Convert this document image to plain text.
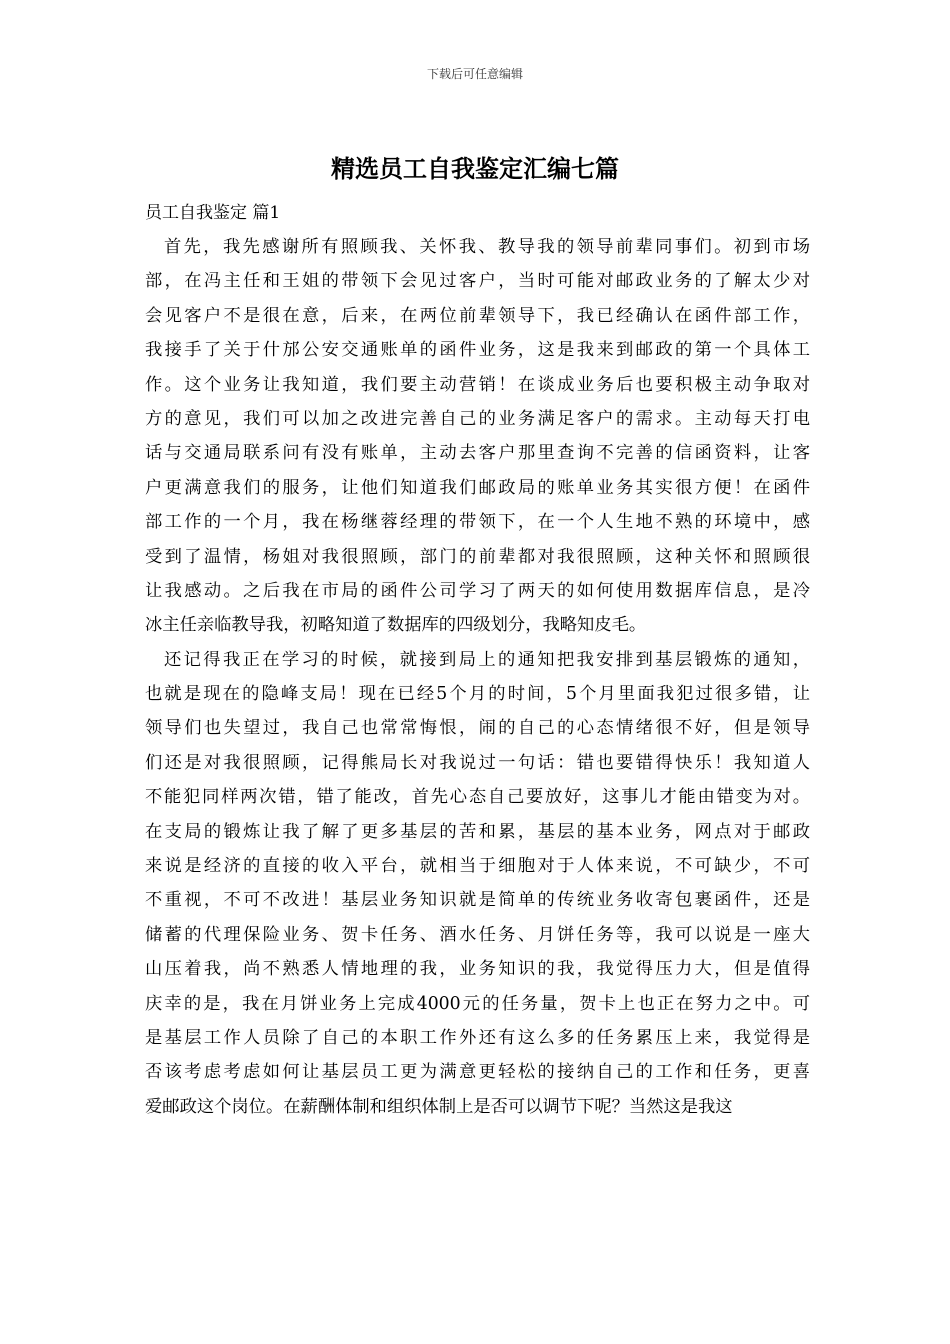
下载后可任意编辑
精选员工自我鉴定汇编七篇

员工自我鉴定 篇1

首先，我先感谢所有照顾我、关怀我、教导我的领导前辈同事们。初到市场
部，在冯主任和王姐的带领下会见过客户，当时可能对邮政业务的了解太少对
会见客户不是很在意，后来，在两位前辈领导下，我已经确认在函件部工作，
我接手了关于什邡公安交通账单的函件业务，这是我来到邮政的第一个具体工
作。这个业务让我知道，我们要主动营销！在谈成业务后也要积极主动争取对
方的意见，我们可以加之改进完善自己的业务满足客户的需求。主动每天打电
话与交通局联系问有没有账单，主动去客户那里查询不完善的信函资料，让客
户更满意我们的服务，让他们知道我们邮政局的账单业务其实很方便！在函件
部工作的一个月，我在杨继蓉经理的带领下，在一个人生地不熟的环境中，感
受到了温情，杨姐对我很照顾，部门的前辈都对我很照顾，这种关怀和照顾很
让我感动。之后我在市局的函件公司学习了两天的如何使用数据库信息，是冷
冰主任亲临教导我，初略知道了数据库的四级划分，我略知皮毛。
还记得我正在学习的时候，就接到局上的通知把我安排到基层锻炼的通知，
也就是现在的隐峰支局！现在已经5个月的时间，5个月里面我犯过很多错，让
领导们也失望过，我自己也常常悔恨，闹的自己的心态情绪很不好，但是领导
们还是对我很照顾，记得熊局长对我说过一句话：错也要错得快乐！我知道人
不能犯同样两次错，错了能改，首先心态自己要放好，这事儿才能由错变为对。
在支局的锻炼让我了解了更多基层的苦和累，基层的基本业务，网点对于邮政
来说是经济的直接的收入平台，就相当于细胞对于人体来说，不可缺少，不可
不重视，不可不改进！基层业务知识就是简单的传统业务收寄包裹函件，还是
储蓄的代理保险业务、贺卡任务、酒水任务、月饼任务等，我可以说是一座大
山压着我，尚不熟悉人情地理的我，业务知识的我，我觉得压力大，但是值得
庆幸的是，我在月饼业务上完成4000元的任务量，贺卡上也正在努力之中。可
是基层工作人员除了自己的本职工作外还有这么多的任务累压上来，我觉得是
否该考虑考虑如何让基层员工更为满意更轻松的接纳自己的工作和任务，更喜
爱邮政这个岗位。在薪酬体制和组织体制上是否可以调节下呢？当然这是我这
